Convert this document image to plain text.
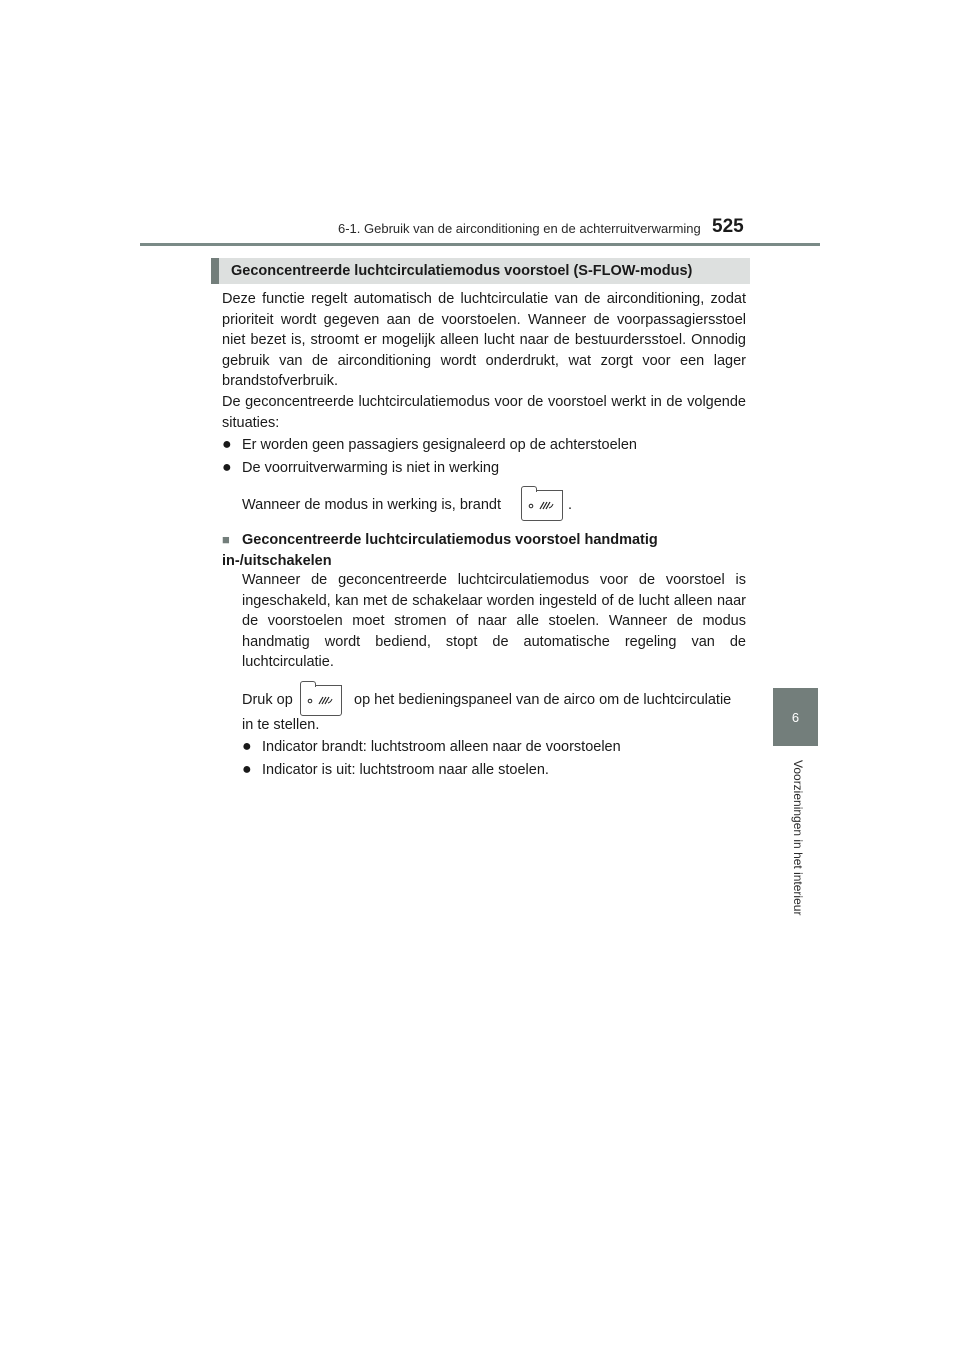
6-1. Gebruik van de airconditioning en de achterruitverwarming 525
6
Voorzieningen in het interieur
Geconcentreerde luchtcirculatiemodus voorstoel (S-FLOW-modus)

Deze functie regelt automatisch de luchtcirculatie van de airconditioning, zodat prioriteit wordt gegeven aan de voorstoelen. Wanneer de voorpassagiersstoel niet bezet is, stroomt er mogelijk alleen lucht naar de bestuurdersstoel. Onnodig gebruik van de airconditioning wordt onderdrukt, wat zorgt voor een lager brandstofverbruik.

De geconcentreerde luchtcirculatiemodus voor de voorstoel werkt in de volgende situaties:

● Er worden geen passagiers gesignaleerd op de achterstoelen
● De voorruitverwarming is niet in werking
Wanneer de modus in werking is, brandt	.
■ Geconcentreerde luchtcirculatiemodus voorstoel handmatig in-/uitschakelen

Wanneer de geconcentreerde luchtcirculatiemodus voor de voorstoel is ingeschakeld, kan met de schakelaar worden ingesteld of de lucht alleen naar de voorstoelen moet stromen of naar alle stoelen. Wanneer de modus handmatig wordt bediend, stopt de automatische regeling van de luchtcirculatie.

Druk op	op het bedieningspaneel van de airco om de luchtcirculatie
in te stellen.
● Indicator brandt: luchtstroom alleen naar de voorstoelen
● Indicator is uit: luchtstroom naar alle stoelen.
